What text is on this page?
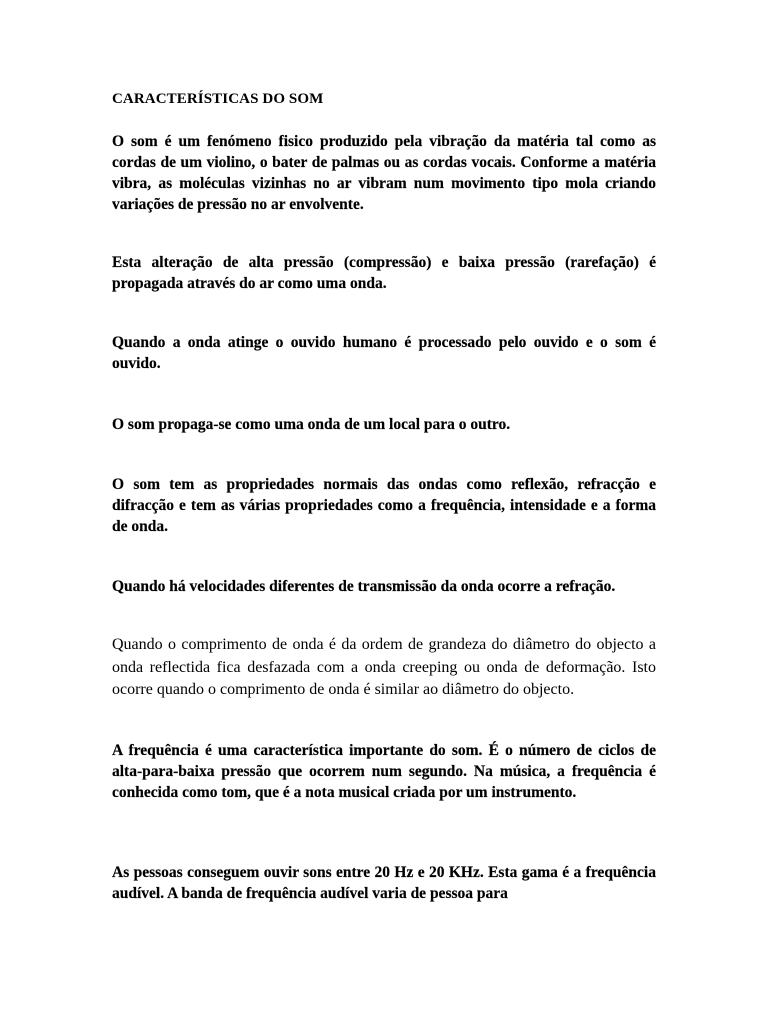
CARACTERÍSTICAS DO SOM

O som é um fenómeno fisico produzido pela vibração da matéria tal como as cordas de um violino, o bater de palmas ou as cordas vocais. Conforme a matéria vibra, as moléculas vizinhas no ar vibram num movimento tipo mola criando variações de pressão no ar envolvente.

Esta alteração de alta pressão (compressão) e baixa pressão (rarefação) é propagada através do ar como uma onda.

Quando a onda atinge o ouvido humano é processado pelo ouvido e o som é ouvido.

O som propaga-se como uma onda de um local para o outro.

O som tem as propriedades normais das ondas como reflexão, refracção e difracção e tem as várias propriedades como a frequência, intensidade e a forma de onda.

Quando há velocidades diferentes de transmissão da onda ocorre a refração.

Quando o comprimento de onda é da ordem de grandeza do diâmetro do objecto a onda reflectida fica desfazada com a onda creeping ou onda de deformação. Isto ocorre quando o comprimento de onda é similar ao diâmetro do objecto.

A frequência é uma característica importante do som. É o número de ciclos de alta-para-baixa pressão que ocorrem num segundo. Na música, a frequência é conhecida como tom, que é a nota musical criada por um instrumento.

As pessoas conseguem ouvir sons entre 20 Hz e 20 KHz. Esta gama é a frequência audível. A banda de frequência audível varia de pessoa para
